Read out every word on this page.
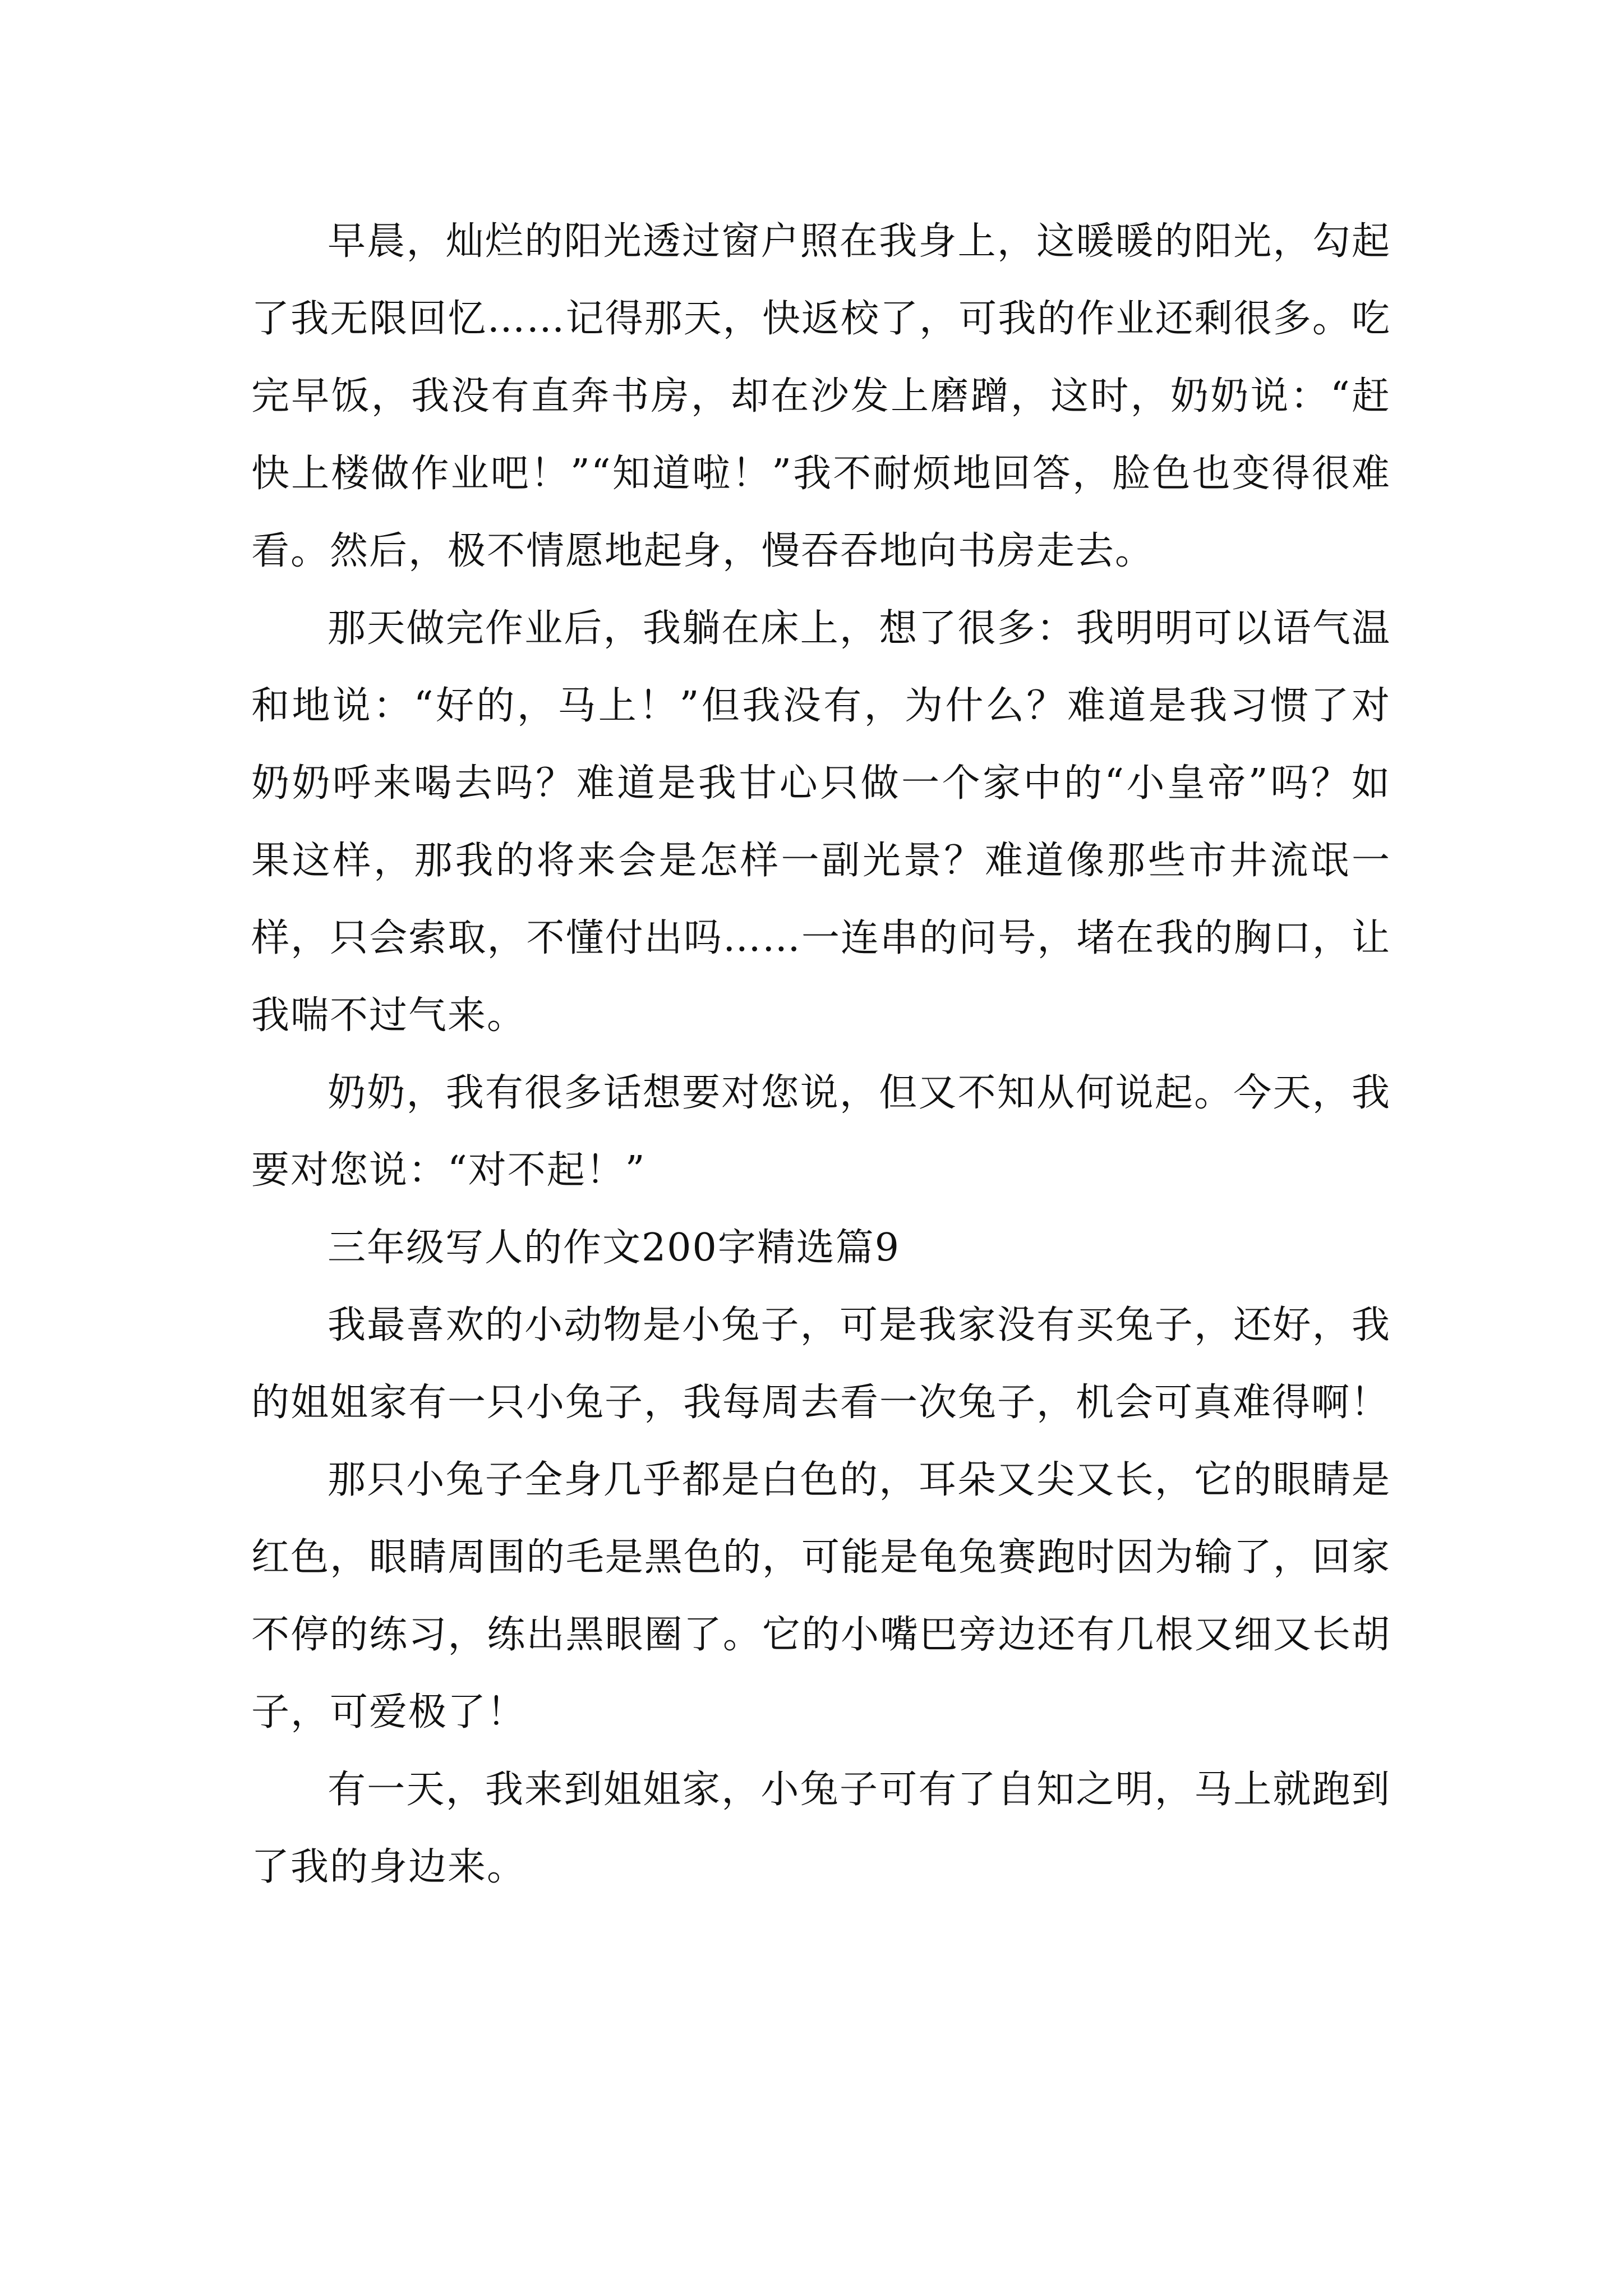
早晨，灿烂的阳光透过窗户照在我身上，这暖暖的阳光，勾起了我无限回忆……记得那天，快返校了，可我的作业还剩很多。吃完早饭，我没有直奔书房，却在沙发上磨蹭，这时，奶奶说：“赶快上楼做作业吧！”“知道啦！”我不耐烦地回答，脸色也变得很难看。然后，极不情愿地起身，慢吞吞地向书房走去。

那天做完作业后，我躺在床上，想了很多：我明明可以语气温和地说：“好的，马上！”但我没有，为什么？难道是我习惯了对奶奶呼来喝去吗？难道是我甘心只做一个家中的“小皇帝”吗？如果这样，那我的将来会是怎样一副光景？难道像那些市井流氓一样，只会索取，不懂付出吗……一连串的问号，堵在我的胸口，让我喘不过气来。

奶奶，我有很多话想要对您说，但又不知从何说起。今天，我要对您说：“对不起！”

三年级写人的作文200字精选篇9

我最喜欢的小动物是小兔子，可是我家没有买兔子，还好，我的姐姐家有一只小兔子，我每周去看一次兔子，机会可真难得啊！

那只小兔子全身几乎都是白色的，耳朵又尖又长，它的眼睛是红色，眼睛周围的毛是黑色的，可能是龟兔赛跑时因为输了，回家不停的练习，练出黑眼圈了。它的小嘴巴旁边还有几根又细又长胡子，可爱极了！

有一天，我来到姐姐家，小兔子可有了自知之明，马上就跑到了我的身边来。
